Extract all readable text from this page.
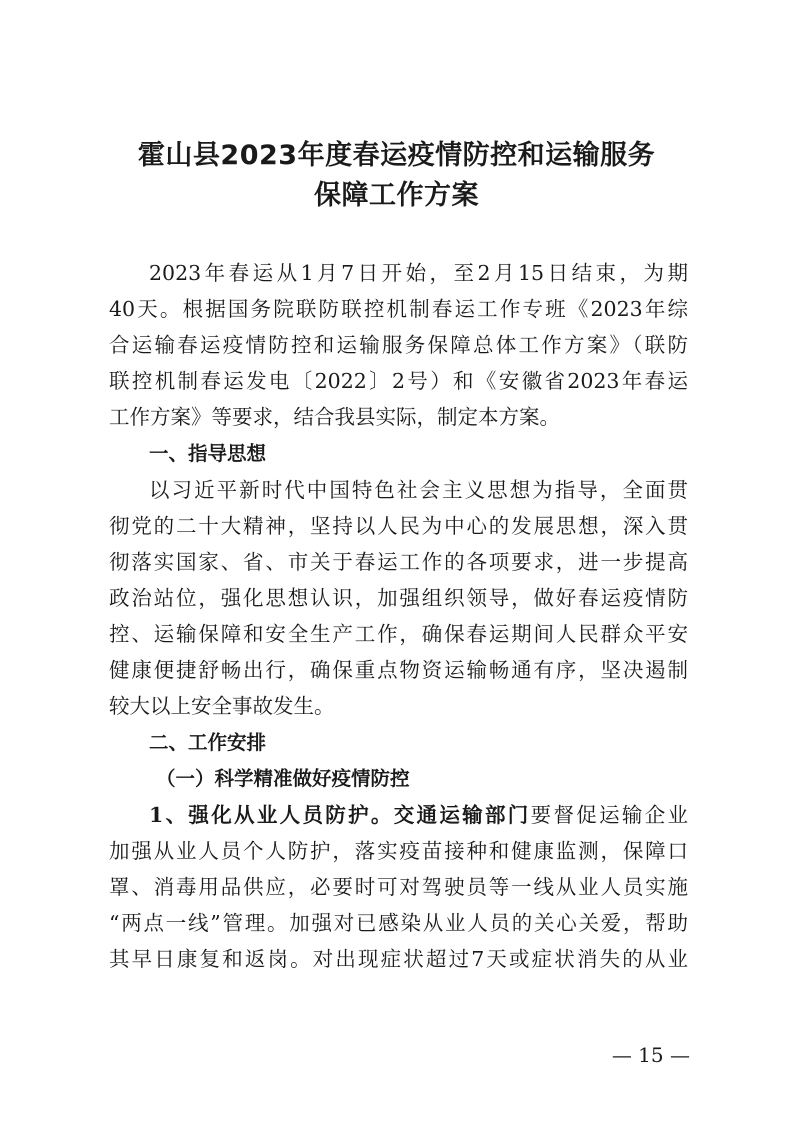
霍山县2023年度春运疫情防控和运输服务
保障工作方案
2023年春运从1月7日开始，至2月15日结束，为期
40天。根据国务院联防联控机制春运工作专班《2023年综
合运输春运疫情防控和运输服务保障总体工作方案》（联防
联控机制春运发电〔2022〕2号）和《安徽省2023年春运
工作方案》等要求，结合我县实际，制定本方案。
一、指导思想
以习近平新时代中国特色社会主义思想为指导，全面贯
彻党的二十大精神，坚持以人民为中心的发展思想，深入贯
彻落实国家、省、市关于春运工作的各项要求，进一步提高
政治站位，强化思想认识，加强组织领导，做好春运疫情防
控、运输保障和安全生产工作，确保春运期间人民群众平安
健康便捷舒畅出行，确保重点物资运输畅通有序，坚决遏制
较大以上安全事故发生。
二、工作安排
（一）科学精准做好疫情防控
1、强化从业人员防护。交通运输部门要督促运输企业
加强从业人员个人防护，落实疫苗接种和健康监测，保障口
罩、消毒用品供应，必要时可对驾驶员等一线从业人员实施
“两点一线”管理。加强对已感染从业人员的关心关爱，帮助
其早日康复和返岗。对出现症状超过7天或症状消失的从业
— 15 —
